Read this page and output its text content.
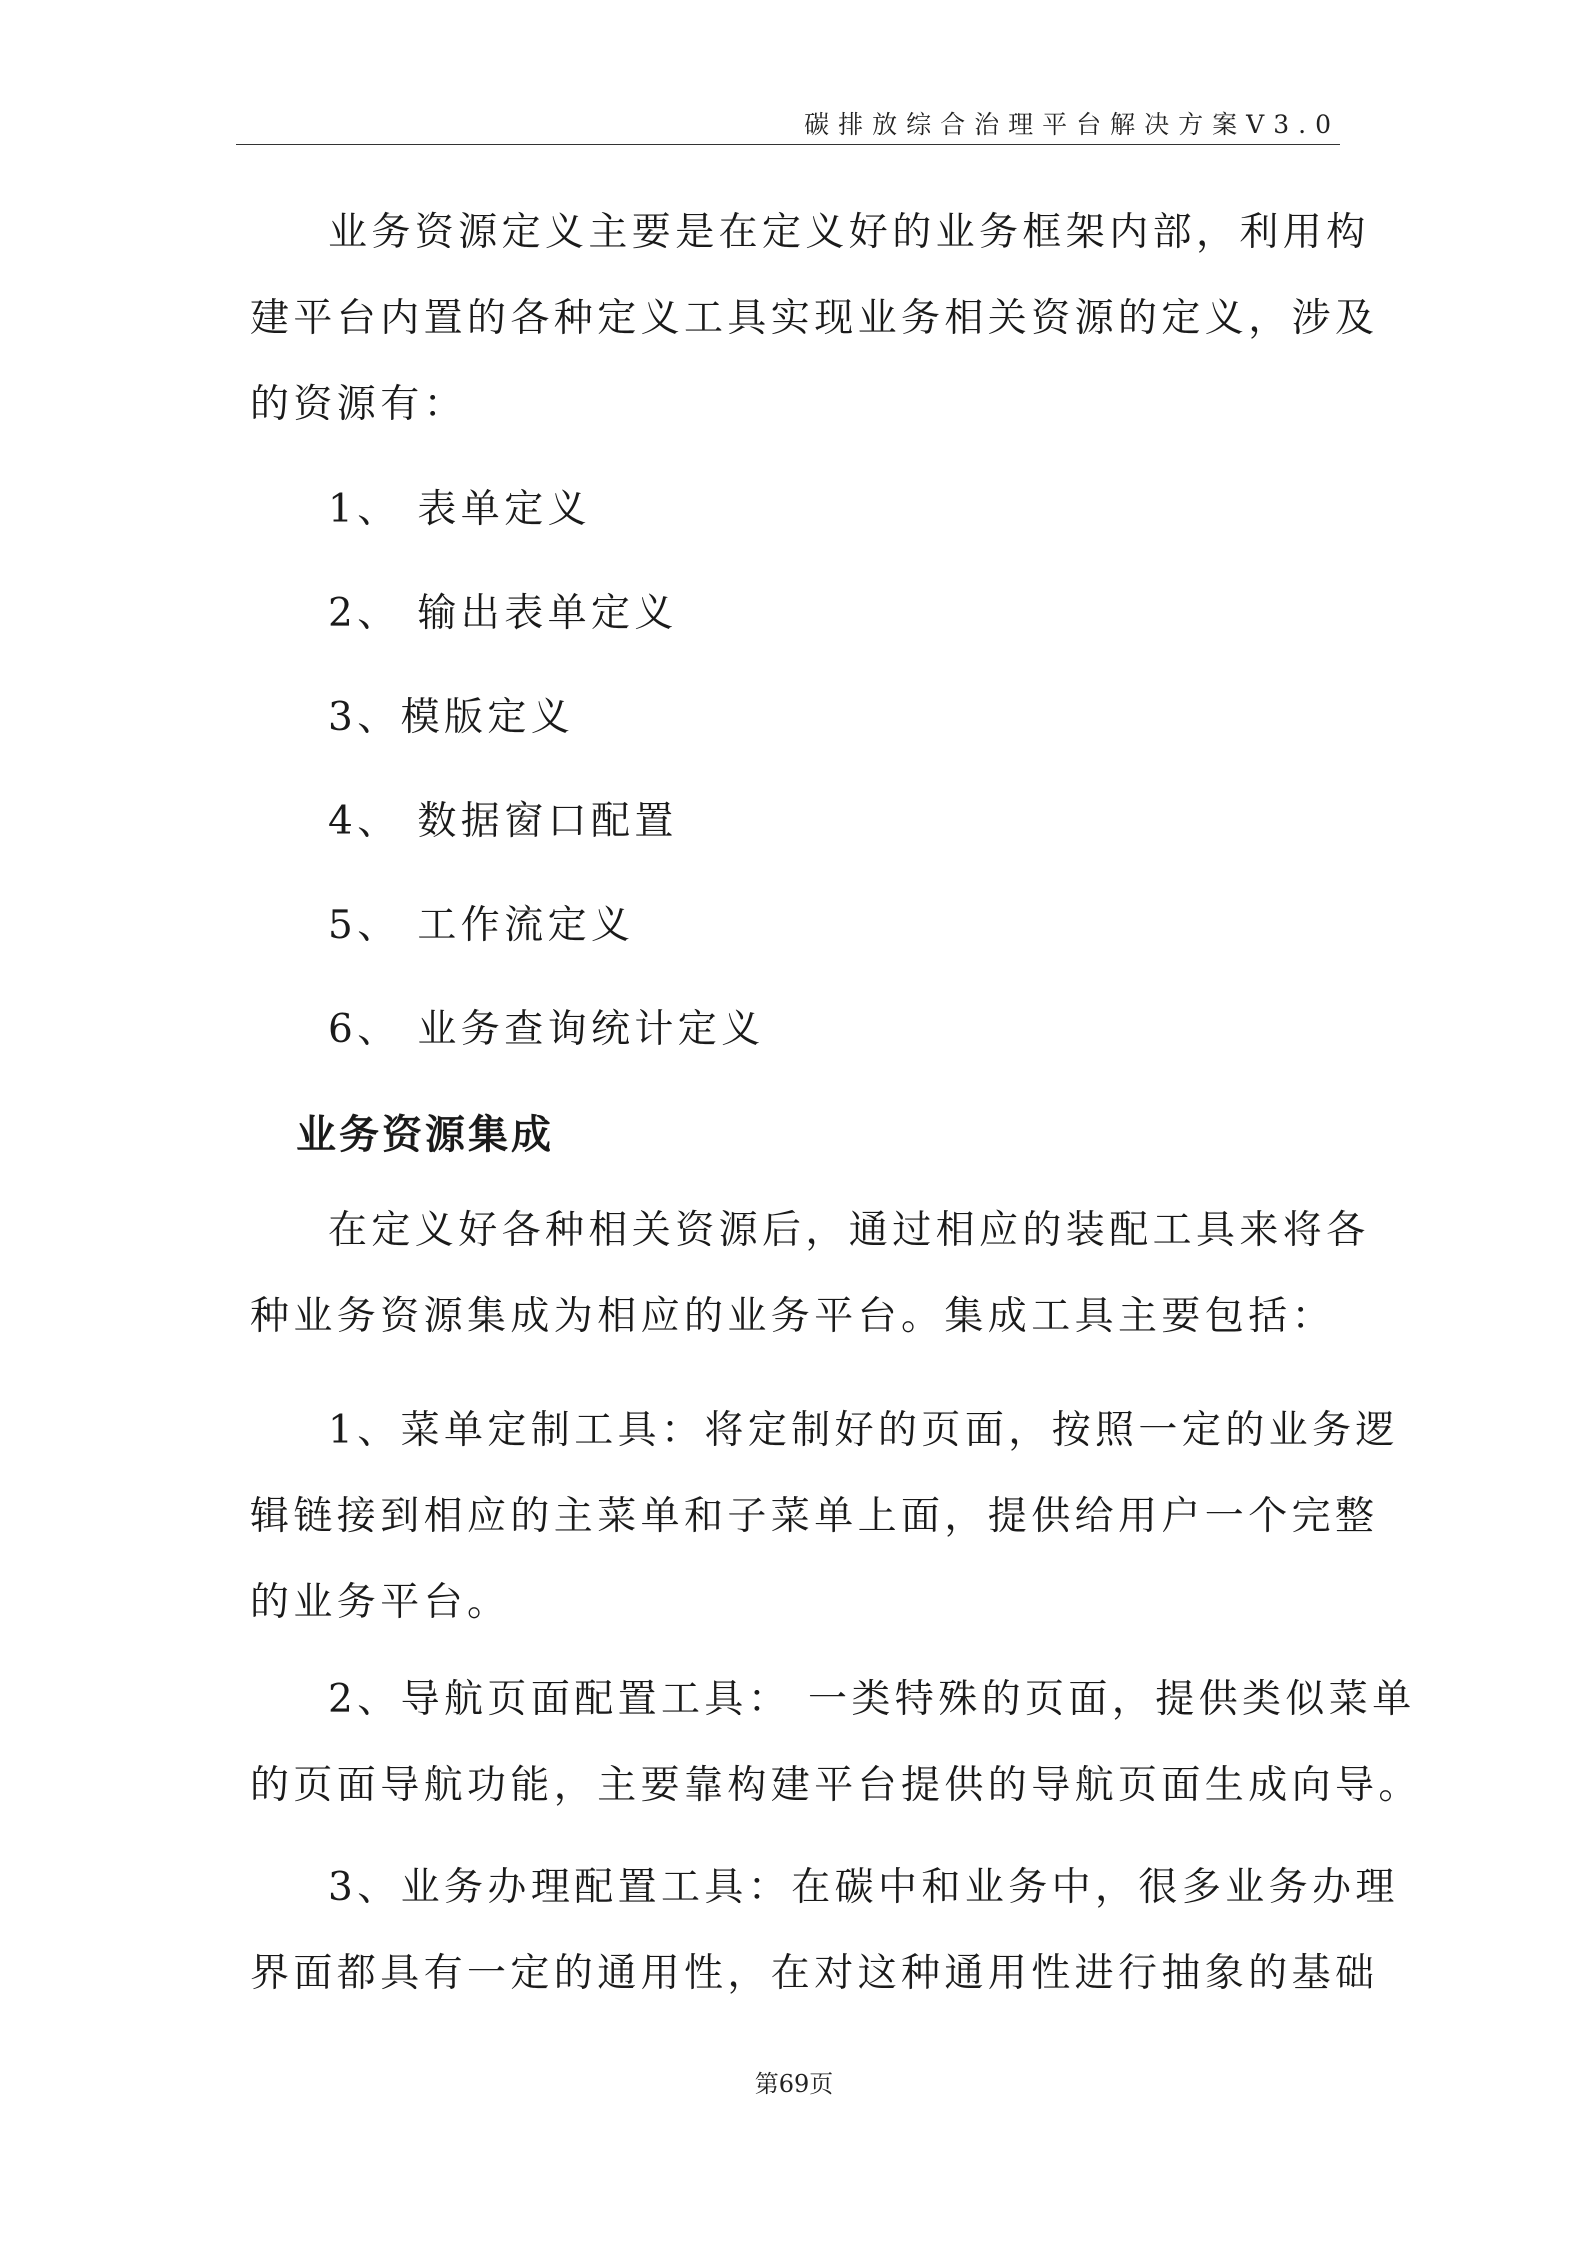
碳排放综合治理平台解决方案V3.0

业务资源定义主要是在定义好的业务框架内部，利用构

建平台内置的各种定义工具实现业务相关资源的定义，涉及

的资源有：

1、 表单定义

2、 输出表单定义

3、模版定义

4、 数据窗口配置

5、 工作流定义

6、 业务查询统计定义

业务资源集成

在定义好各种相关资源后，通过相应的装配工具来将各

种业务资源集成为相应的业务平台。集成工具主要包括：

1、菜单定制工具：将定制好的页面，按照一定的业务逻

辑链接到相应的主菜单和子菜单上面，提供给用户一个完整

的业务平台。

2、导航页面配置工具： 一类特殊的页面，提供类似菜单

的页面导航功能，主要靠构建平台提供的导航页面生成向导。

3、业务办理配置工具：在碳中和业务中，很多业务办理

界面都具有一定的通用性，在对这种通用性进行抽象的基础

第69页
